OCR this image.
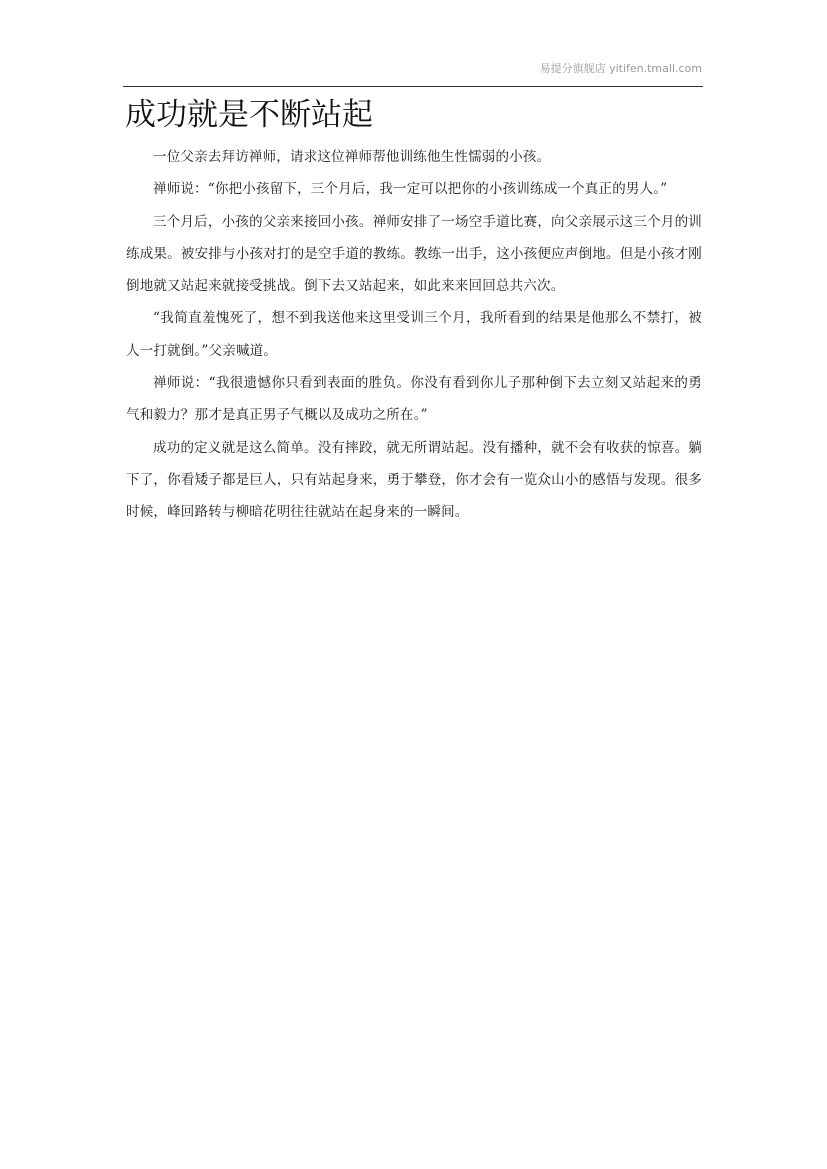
易提分旗舰店 yitifen.tmall.com
成功就是不断站起

一位父亲去拜访禅师，请求这位禅师帮他训练他生性懦弱的小孩。

禅师说：“你把小孩留下，三个月后，我一定可以把你的小孩训练成一个真正的男人。”

三个月后，小孩的父亲来接回小孩。禅师安排了一场空手道比赛，向父亲展示这三个月的训练成果。被安排与小孩对打的是空手道的教练。教练一出手，这小孩便应声倒地。但是小孩才刚倒地就又站起来就接受挑战。倒下去又站起来，如此来来回回总共六次。

“我简直羞愧死了，想不到我送他来这里受训三个月，我所看到的结果是他那么不禁打，被人一打就倒。”父亲喊道。

禅师说：“我很遗憾你只看到表面的胜负。你没有看到你儿子那种倒下去立刻又站起来的勇气和毅力？那才是真正男子气概以及成功之所在。”

成功的定义就是这么简单。没有摔跤，就无所谓站起。没有播种，就不会有收获的惊喜。躺下了，你看矮子都是巨人，只有站起身来，勇于攀登，你才会有一览众山小的感悟与发现。很多时候，峰回路转与柳暗花明往往就站在起身来的一瞬间。
